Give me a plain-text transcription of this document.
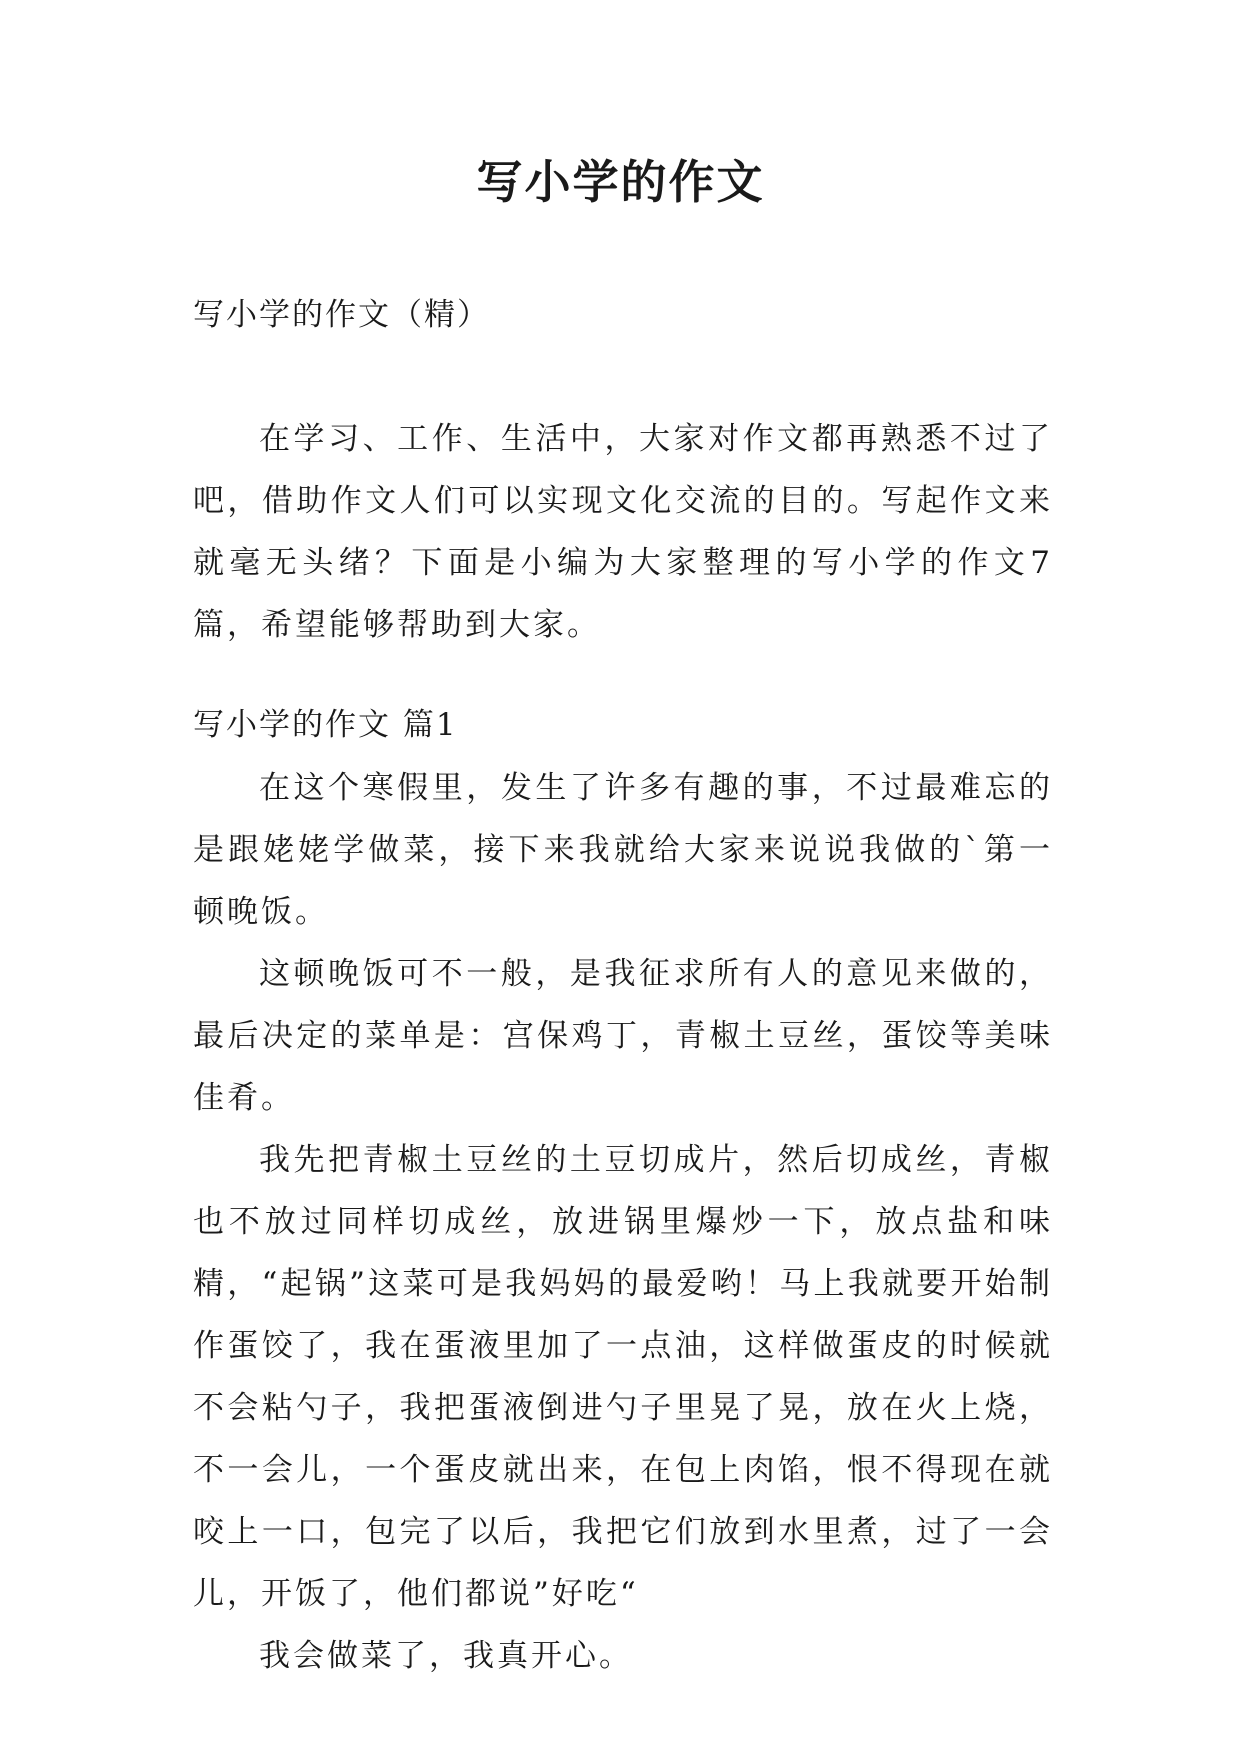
写小学的作文
写小学的作文（精）

在学习、工作、生活中，大家对作文都再熟悉不过了吧，借助作文人们可以实现文化交流的目的。写起作文来就毫无头绪？下面是小编为大家整理的写小学的作文7篇，希望能够帮助到大家。

写小学的作文 篇1

在这个寒假里，发生了许多有趣的事，不过最难忘的是跟姥姥学做菜，接下来我就给大家来说说我做的`第一顿晚饭。

这顿晚饭可不一般，是我征求所有人的意见来做的，最后决定的菜单是：宫保鸡丁，青椒土豆丝，蛋饺等美味佳肴。

我先把青椒土豆丝的土豆切成片，然后切成丝，青椒也不放过同样切成丝，放进锅里爆炒一下，放点盐和味精，“起锅”这菜可是我妈妈的最爱哟！马上我就要开始制作蛋饺了，我在蛋液里加了一点油，这样做蛋皮的时候就不会粘勺子，我把蛋液倒进勺子里晃了晃，放在火上烧，不一会儿，一个蛋皮就出来，在包上肉馅，恨不得现在就咬上一口，包完了以后，我把它们放到水里煮，过了一会儿，开饭了，他们都说”好吃“

我会做菜了，我真开心。
